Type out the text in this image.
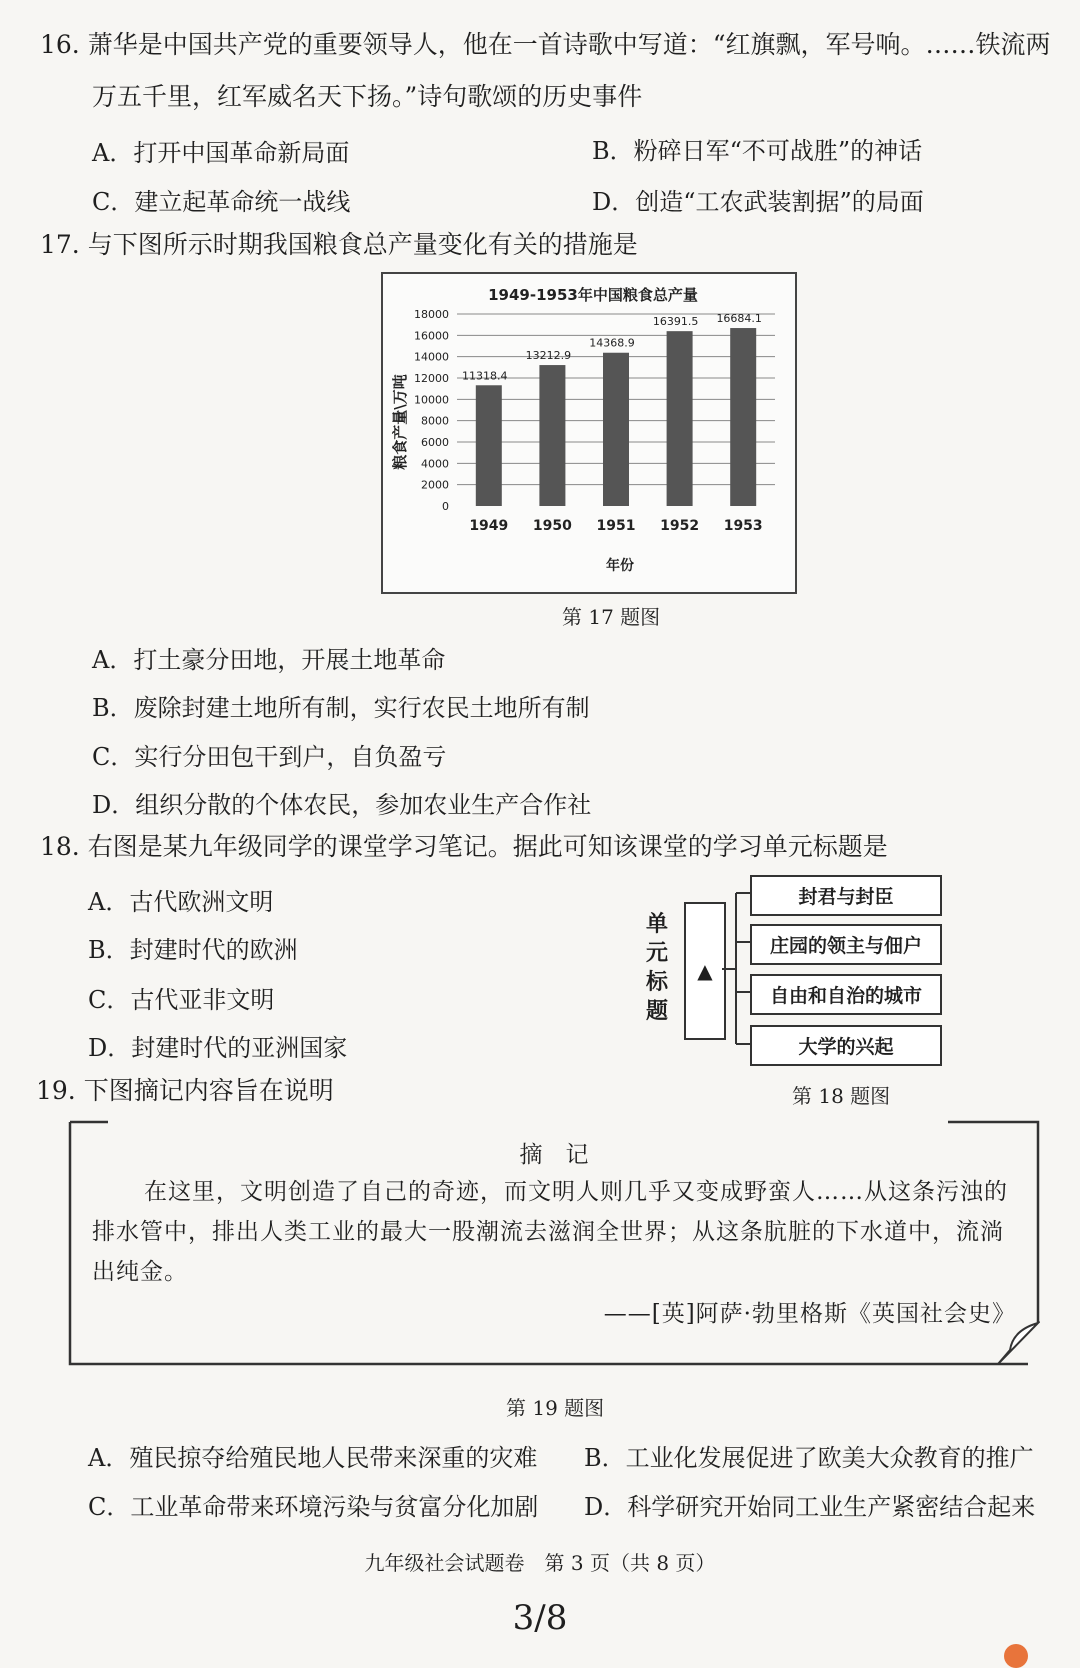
16. 萧华是中国共产党的重要领导人，他在一首诗歌中写道：“红旗飘，军号响。……铁流两
万五千里，红军威名天下扬。”诗句歌颂的历史事件
A．打开中国革命新局面	B．粉碎日军“不可战胜”的神话
C．建立起革命统一战线	D．创造“工农武装割据”的局面
17. 与下图所示时期我国粮食总产量变化有关的措施是
1949-1953年中国粮食总产量
年份
粮食产量\万吨
0
2000
4000
6000
8000
10000
12000
14000
16000
18000
11318.4
1949
13212.9
1950
14368.9
1951
16391.5
1952
16684.1
1953
第 17 题图
A．打土豪分田地，开展土地革命
B．废除封建土地所有制，实行农民土地所有制
C．实行分田包干到户，自负盈亏
D．组织分散的个体农民，参加农业生产合作社
18. 右图是某九年级同学的课堂学习笔记。据此可知该课堂的学习单元标题是
A．古代欧洲文明
B．封建时代的欧洲
C．古代亚非文明
D．封建时代的亚洲国家
单元标题
▲
封君与封臣
庄园的领主与佃户
自由和自治的城市
大学的兴起
第 18 题图
19. 下图摘记内容旨在说明
摘　记
在这里，文明创造了自己的奇迹，而文明人则几乎又变成野蛮人……从这条污浊的
排水管中，排出人类工业的最大一股潮流去滋润全世界；从这条肮脏的下水道中，流淌
出纯金。
——[英]阿萨·勃里格斯《英国社会史》
第 19 题图
A．殖民掠夺给殖民地人民带来深重的灾难 B．工业化发展促进了欧美大众教育的推广
C．工业革命带来环境污染与贫富分化加剧 D．科学研究开始同工业生产紧密结合起来
九年级社会试题卷　第 3 页（共 8 页）
3/8
